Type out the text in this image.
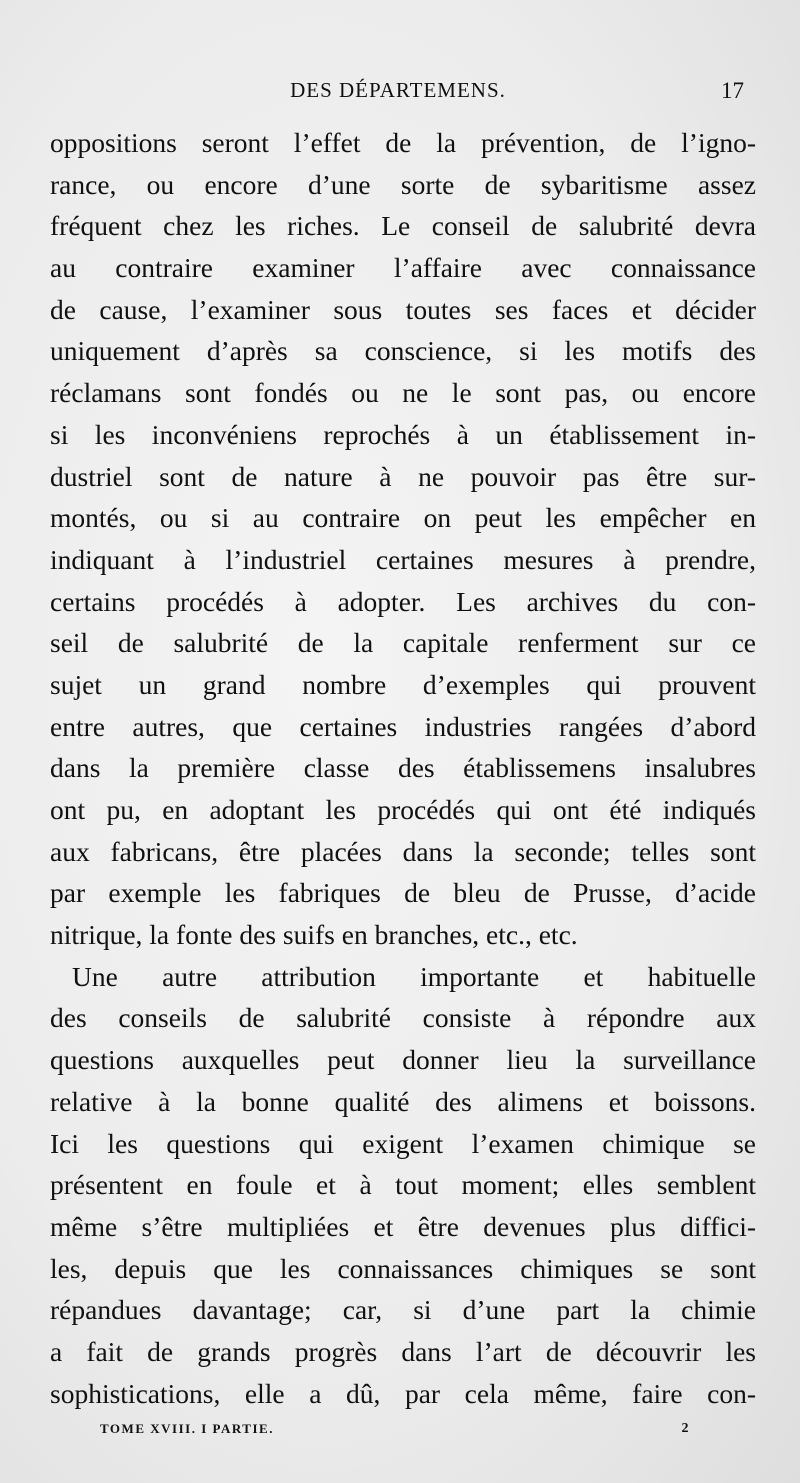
DES DÉPARTEMENS.	17
oppositions seront l’effet de la prévention, de l’igno-
rance, ou encore d’une sorte de sybaritisme assez
fréquent chez les riches. Le conseil de salubrité devra
au contraire examiner l’affaire avec connaissance
de cause, l’examiner sous toutes ses faces et décider
uniquement d’après sa conscience, si les motifs des
réclamans sont fondés ou ne le sont pas, ou encore
si les inconvéniens reprochés à un établissement in-
dustriel sont de nature à ne pouvoir pas être sur-
montés, ou si au contraire on peut les empêcher en
indiquant à l’industriel certaines mesures à prendre,
certains procédés à adopter. Les archives du con-
seil de salubrité de la capitale renferment sur ce
sujet un grand nombre d’exemples qui prouvent
entre autres, que certaines industries rangées d’abord
dans la première classe des établissemens insalubres
ont pu, en adoptant les procédés qui ont été indiqués
aux fabricans, être placées dans la seconde; telles sont
par exemple les fabriques de bleu de Prusse, d’acide
nitrique, la fonte des suifs en branches, etc., etc.
Une autre attribution importante et habituelle
des conseils de salubrité consiste à répondre aux
questions auxquelles peut donner lieu la surveillance
relative à la bonne qualité des alimens et boissons.
Ici les questions qui exigent l’examen chimique se
présentent en foule et à tout moment; elles semblent
même s’être multipliées et être devenues plus diffici-
les, depuis que les connaissances chimiques se sont
répandues davantage; car, si d’une part la chimie
a fait de grands progrès dans l’art de découvrir les
sophistications, elle a dû, par cela même, faire con-
TOME XVIII. I PARTIE.	2
